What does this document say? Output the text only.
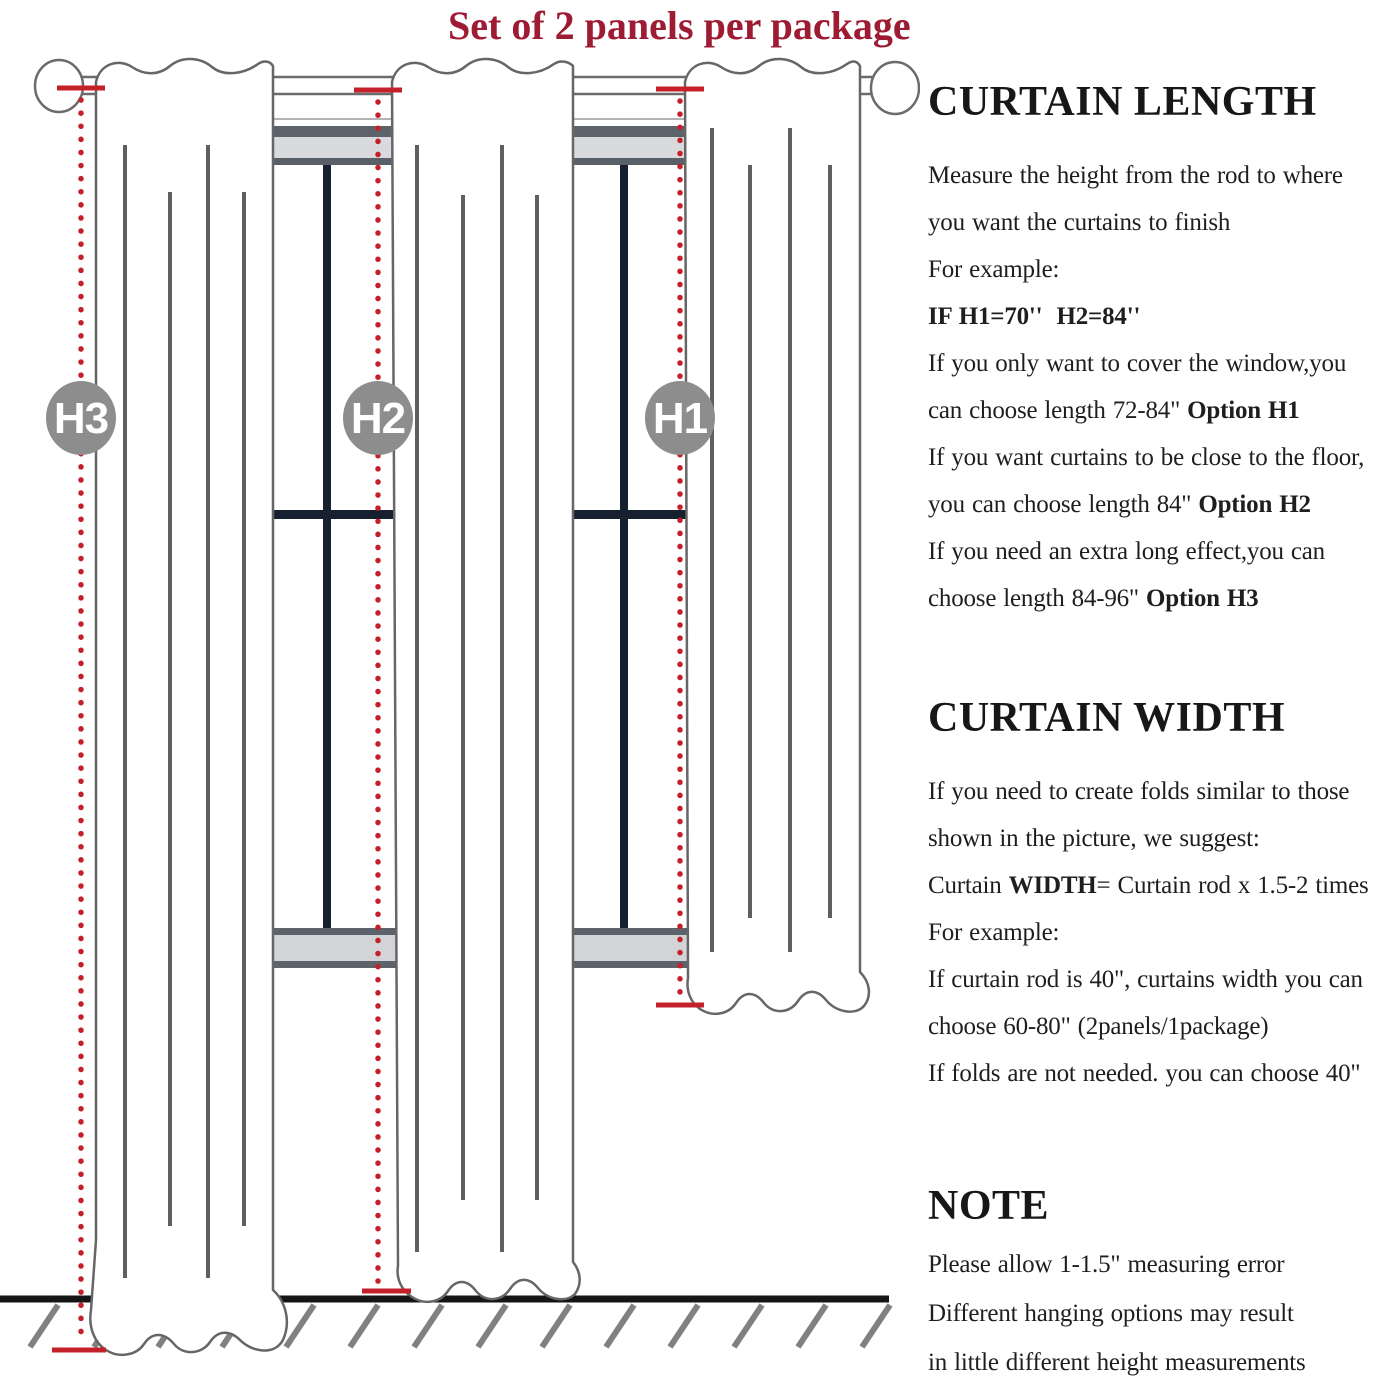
H3	H2	H1
Set of 2 panels per package
CURTAIN LENGTH
Measure the height from the rod to where
you want the curtains to finish
For example:
IF H1=70''  H2=84''
If you only want to cover the window,you
can choose length 72-84" Option H1
If you want curtains to be close to the floor,
you can choose length 84" Option H2
If you need an extra long effect,you can
choose length 84-96" Option H3
CURTAIN WIDTH
If you need to create folds similar to those
shown in the picture, we suggest:
Curtain WIDTH= Curtain rod x 1.5-2 times
For example:
If curtain rod is 40", curtains width you can
choose 60-80" (2panels/1package)
If folds are not needed. you can choose 40"
NOTE
Please allow 1-1.5" measuring error
Different hanging options may result
in little different height measurements
